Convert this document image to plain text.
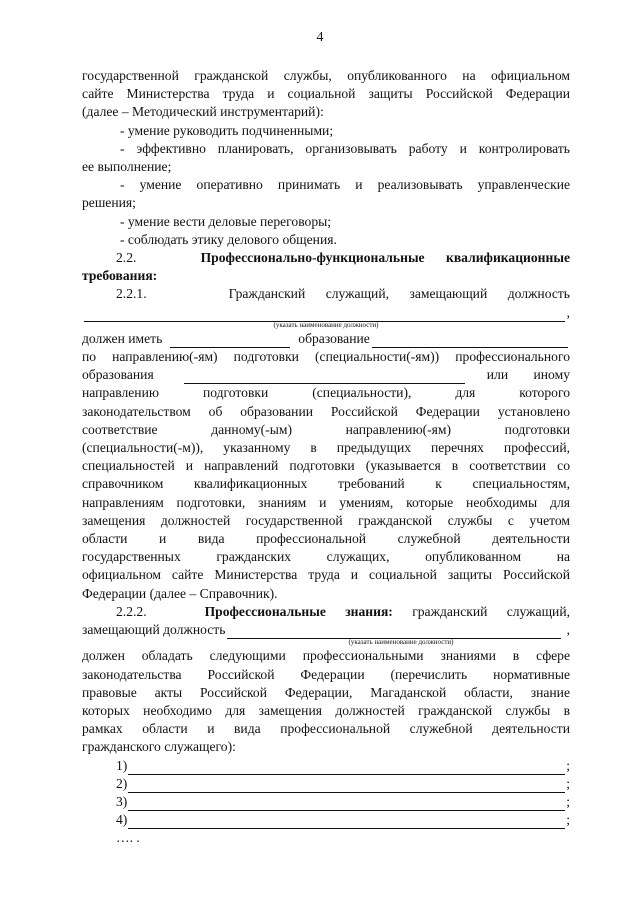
4

государственной гражданской службы, опубликованного на официальном

сайте Министерства труда и социальной защиты Российской Федерации

(далее – Методический инструментарий):

- умение руководить подчиненными;

- эффективно планировать, организовывать работу и контролировать

ее выполнение;

- умение оперативно принимать и реализовывать управленческие

решения;

- умение вести деловые переговоры;

- соблюдать этику делового общения.

2.2.	Профессионально-функциональные квалификационные

требования:

2.2.1.	Гражданский служащий, замещающий должность

,
(указать наименование должности)
должен иметь	образование

по направлению(-ям) подготовки (специальности(-ям)) профессионального

образования	или иному

направлению подготовки (специальности), для которого

законодательством об образовании Российской Федерации установлено

соответствие данному(-ым) направлению(-ям) подготовки

(специальности(-м)), указанному в предыдущих перечнях профессий,

специальностей и направлений подготовки (указывается в соответствии со

справочником квалификационных требований к специальностям,

направлениям подготовки, знаниям и умениям, которые необходимы для

замещения должностей государственной гражданской службы с учетом

области и вида профессиональной служебной деятельности

государственных гражданских служащих, опубликованном на

официальном сайте Министерства труда и социальной защиты Российской

Федерации (далее – Справочник).

2.2.2.	Профессиональные знания: гражданский служащий,

замещающий должность	,
(указать наименование должности)

должен обладать следующими профессиональными знаниями в сфере

законодательства Российской Федерации (перечислить нормативные

правовые акты Российской Федерации, Магаданской области, знание

которых необходимо для замещения должностей гражданской службы в

рамках области и вида профессиональной служебной деятельности

гражданского служащего):

1)	;
2)	;
3)	;
4)	;

…. .
